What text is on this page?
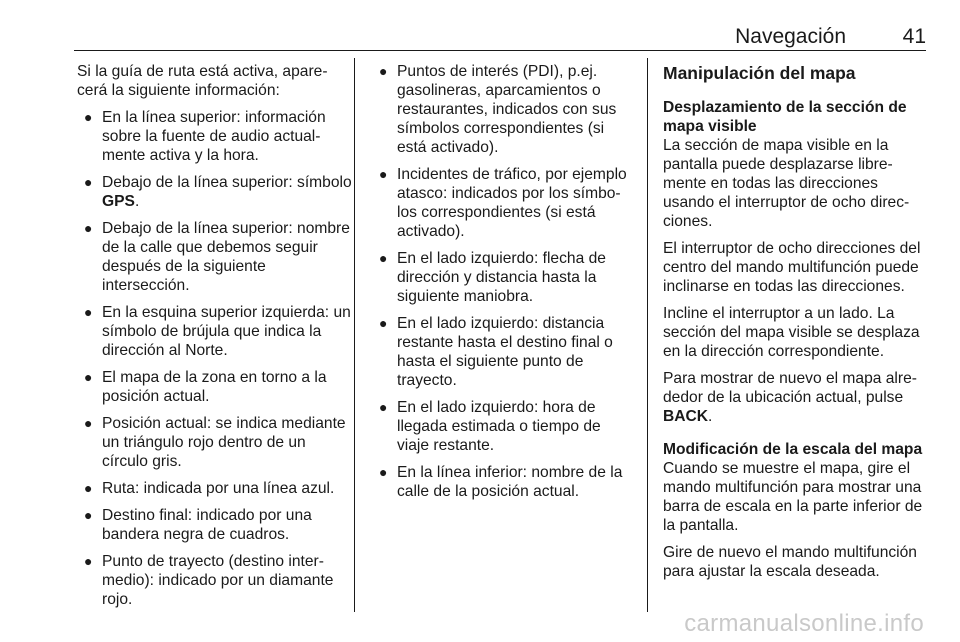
Navegación	41

Si la guía de ruta está activa, apare-cerá la siguiente información:

● En la línea superior: información sobre la fuente de audio actual-mente activa y la hora.
● Debajo de la línea superior: símbolo GPS.
● Debajo de la línea superior: nombre de la calle que debemos seguir después de la siguiente intersección.
● En la esquina superior izquierda: un símbolo de brújula que indica la dirección al Norte.
● El mapa de la zona en torno a la posición actual.
● Posición actual: se indica mediante un triángulo rojo dentro de un círculo gris.
● Ruta: indicada por una línea azul.
● Destino final: indicado por una bandera negra de cuadros.
● Punto de trayecto (destino inter-medio): indicado por un diamante rojo.
● Puntos de interés (PDI), p.ej. gasolineras, aparcamientos o restaurantes, indicados con sus símbolos correspondientes (si está activado).
● Incidentes de tráfico, por ejemplo atasco: indicados por los símbo-los correspondientes (si está activado).
● En el lado izquierdo: flecha de dirección y distancia hasta la siguiente maniobra.
● En el lado izquierdo: distancia restante hasta el destino final o hasta el siguiente punto de trayecto.
● En el lado izquierdo: hora de llegada estimada o tiempo de viaje restante.
● En la línea inferior: nombre de la calle de la posición actual.
Manipulación del mapa
Desplazamiento de la sección de mapa visible

La sección de mapa visible en la pantalla puede desplazarse libre-mente en todas las direcciones usando el interruptor de ocho direc-ciones.

El interruptor de ocho direcciones del centro del mando multifunción puede inclinarse en todas las direcciones.

Incline el interruptor a un lado. La sección del mapa visible se desplaza en la dirección correspondiente.

Para mostrar de nuevo el mapa alre-dedor de la ubicación actual, pulse BACK.

Modificación de la escala del mapa

Cuando se muestre el mapa, gire el mando multifunción para mostrar una barra de escala en la parte inferior de la pantalla.

Gire de nuevo el mando multifunción para ajustar la escala deseada.

carmanualsonline.info
